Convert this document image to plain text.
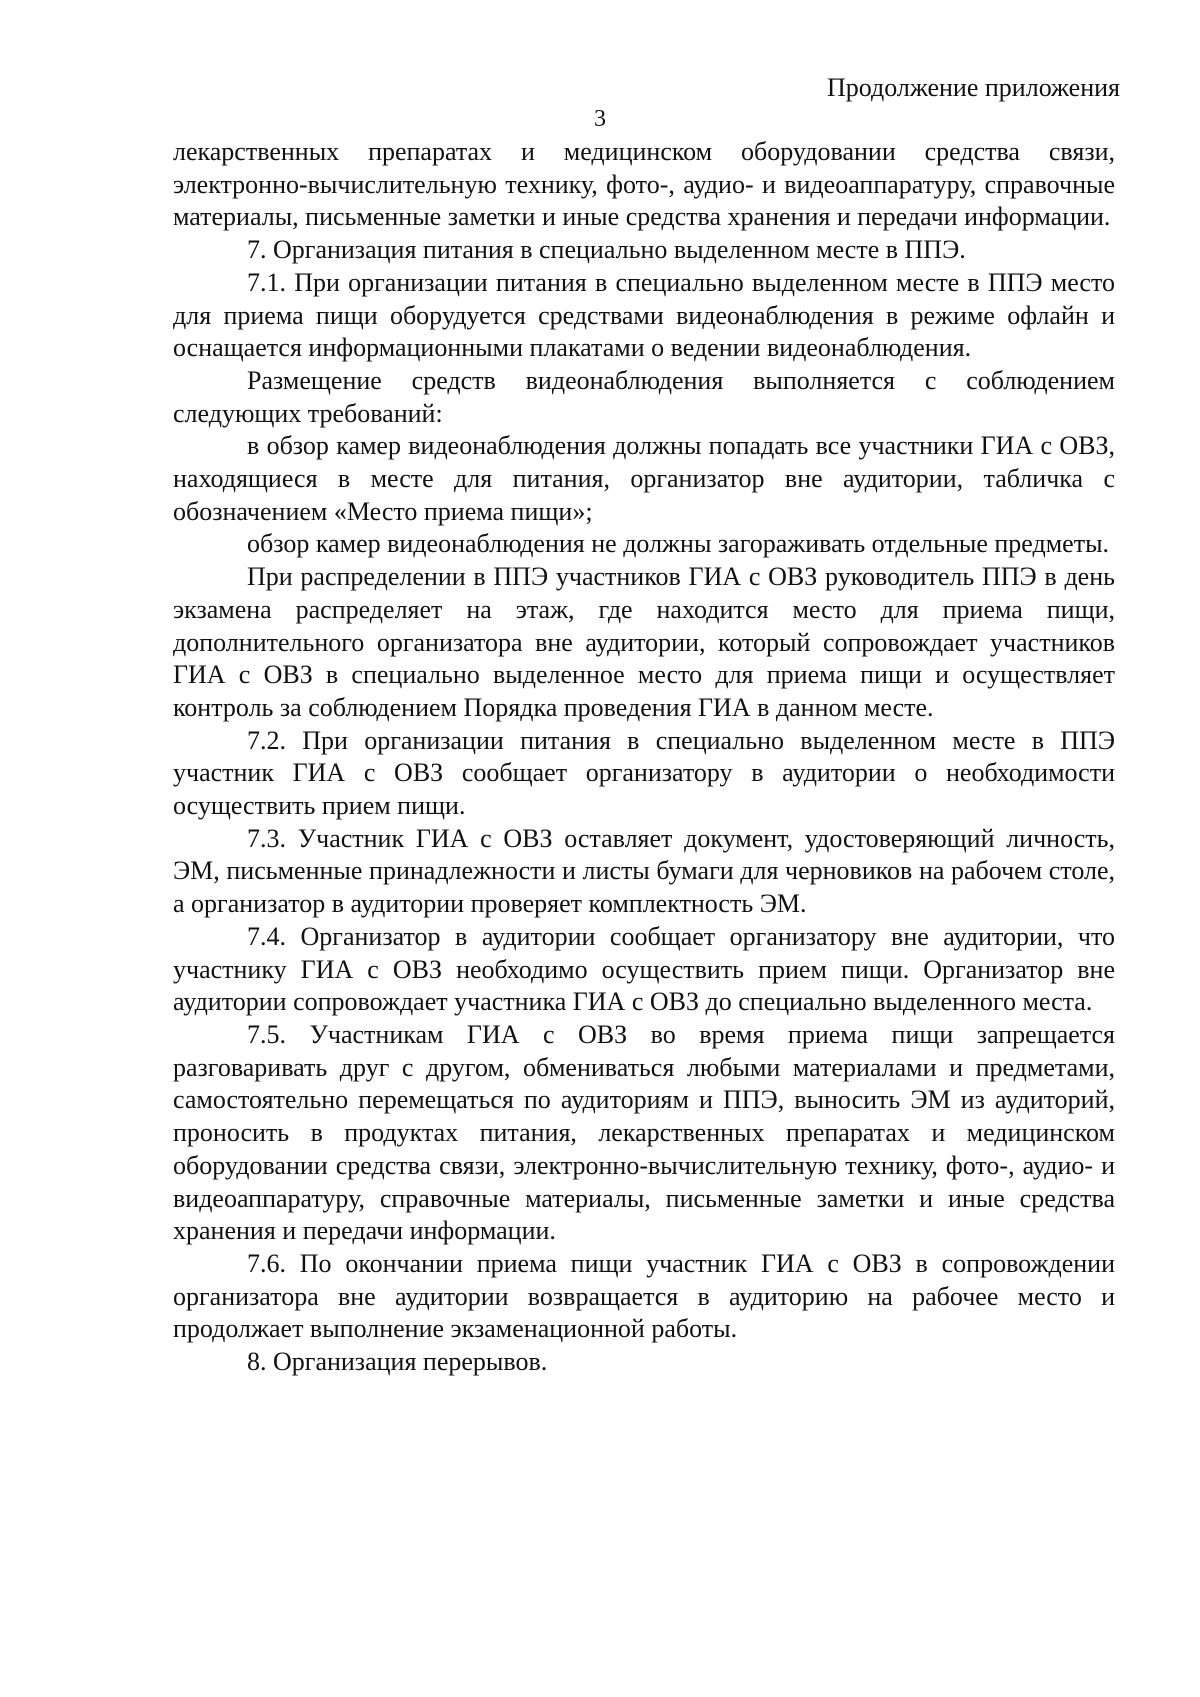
Продолжение приложения
3

лекарственных препаратах и медицинском оборудовании средства связи, электронно-вычислительную технику, фото-, аудио- и видеоаппаратуру, справочные материалы, письменные заметки и иные средства хранения и передачи информации.

7. Организация питания в специально выделенном месте в ППЭ.

7.1. При организации питания в специально выделенном месте в ППЭ место для приема пищи оборудуется средствами видеонаблюдения в режиме офлайн и оснащается информационными плакатами о ведении видеонаблюдения.

Размещение средств видеонаблюдения выполняется с соблюдением следующих требований:

в обзор камер видеонаблюдения должны попадать все участники ГИА с ОВЗ, находящиеся в месте для питания, организатор вне аудитории, табличка с обозначением «Место приема пищи»;

обзор камер видеонаблюдения не должны загораживать отдельные предметы.

При распределении в ППЭ участников ГИА с ОВЗ руководитель ППЭ в день экзамена распределяет на этаж, где находится место для приема пищи, дополнительного организатора вне аудитории, который сопровождает участников ГИА с ОВЗ в специально выделенное место для приема пищи и осуществляет контроль за соблюдением Порядка проведения ГИА в данном месте.

7.2. При организации питания в специально выделенном месте в ППЭ участник ГИА с ОВЗ сообщает организатору в аудитории о необходимости осуществить прием пищи.

7.3. Участник ГИА с ОВЗ оставляет документ, удостоверяющий личность, ЭМ, письменные принадлежности и листы бумаги для черновиков на рабочем столе, а организатор в аудитории проверяет комплектность ЭМ.

7.4. Организатор в аудитории сообщает организатору вне аудитории, что участнику ГИА с ОВЗ необходимо осуществить прием пищи. Организатор вне аудитории сопровождает участника ГИА с ОВЗ до специально выделенного места.

7.5. Участникам ГИА с ОВЗ во время приема пищи запрещается разговаривать друг с другом, обмениваться любыми материалами и предметами, самостоятельно перемещаться по аудиториям и ППЭ, выносить ЭМ из аудиторий, проносить в продуктах питания, лекарственных препаратах и медицинском оборудовании средства связи, электронно-вычислительную технику, фото-, аудио- и видеоаппаратуру, справочные материалы, письменные заметки и иные средства хранения и передачи информации.

7.6. По окончании приема пищи участник ГИА с ОВЗ в сопровождении организатора вне аудитории возвращается в аудиторию на рабочее место и продолжает выполнение экзаменационной работы.

8. Организация перерывов.
